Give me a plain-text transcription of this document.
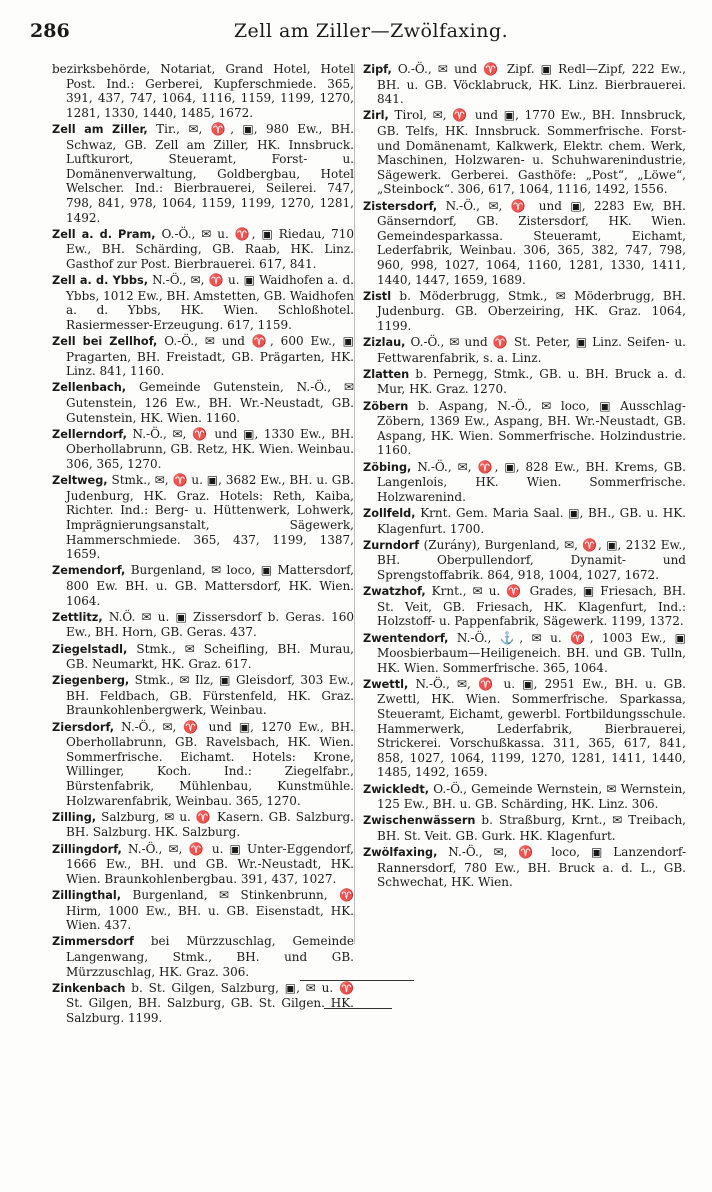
286	Zell am Ziller—Zwölfaxing.

bezirksbehörde, Notariat, Grand Hotel, Hotel Post. Ind.: Gerberei, Kupferschmiede. 365, 391, 437, 747, 1064, 1116, 1159, 1199, 1270, 1281, 1330, 1440, 1485, 1672.

Zell am Ziller, Tir., ✉, ♈, ▣, 980 Ew., BH. Schwaz, GB. Zell am Ziller, HK. Innsbruck. Luftkurort, Steueramt, Forst- u. Domänenverwaltung, Goldbergbau, Hotel Welscher. Ind.: Bierbrauerei, Seilerei. 747, 798, 841, 978, 1064, 1159, 1199, 1270, 1281, 1492.

Zell a. d. Pram, O.-Ö., ✉ u. ♈, ▣ Riedau, 710 Ew., BH. Schärding, GB. Raab, HK. Linz. Gasthof zur Post. Bierbrauerei. 617, 841.

Zell a. d. Ybbs, N.-Ö., ✉, ♈ u. ▣ Waidhofen a. d. Ybbs, 1012 Ew., BH. Amstetten, GB. Waidhofen a. d. Ybbs, HK. Wien. Schloßhotel. Rasiermesser-Erzeugung. 617, 1159.

Zell bei Zellhof, O.-Ö., ✉ und ♈, 600 Ew., ▣ Pragarten, BH. Freistadt, GB. Prägarten, HK. Linz. 841, 1160.

Zellenbach, Gemeinde Gutenstein, N.-Ö., ✉ Gutenstein, 126 Ew., BH. Wr.-Neustadt, GB. Gutenstein, HK. Wien. 1160.

Zellerndorf, N.-Ö., ✉, ♈ und ▣, 1330 Ew., BH. Oberhollabrunn, GB. Retz, HK. Wien. Weinbau. 306, 365, 1270.

Zeltweg, Stmk., ✉, ♈ u. ▣, 3682 Ew., BH. u. GB. Judenburg, HK. Graz. Hotels: Reth, Kaiba, Richter. Ind.: Berg- u. Hüttenwerk, Lohwerk, Imprägnierungsanstalt, Sägewerk, Hammerschmiede. 365, 437, 1199, 1387, 1659.

Zemendorf, Burgenland, ✉ loco, ▣ Mattersdorf, 800 Ew. BH. u. GB. Mattersdorf, HK. Wien. 1064.

Zettlitz, N.Ö. ✉ u. ▣ Zissersdorf b. Geras. 160 Ew., BH. Horn, GB. Geras. 437.

Ziegelstadl, Stmk., ✉ Scheifling, BH. Murau, GB. Neumarkt, HK. Graz. 617.

Ziegenberg, Stmk., ✉ Ilz, ▣ Gleisdorf, 303 Ew., BH. Feldbach, GB. Fürstenfeld, HK. Graz. Braunkohlenbergwerk, Weinbau.

Ziersdorf, N.-Ö., ✉, ♈ und ▣, 1270 Ew., BH. Oberhollabrunn, GB. Ravelsbach, HK. Wien. Sommerfrische. Eichamt. Hotels: Krone, Willinger, Koch. Ind.: Ziegelfabr., Bürstenfabrik, Mühlenbau, Kunstmühle. Holzwarenfabrik, Weinbau. 365, 1270.

Zilling, Salzburg, ✉ u. ♈ Kasern. GB. Salzburg. BH. Salzburg. HK. Salzburg.

Zillingdorf, N.-Ö., ✉, ♈ u. ▣ Unter-Eggendorf, 1666 Ew., BH. und GB. Wr.-Neustadt, HK. Wien. Braunkohlenbergbau. 391, 437, 1027.

Zillingthal, Burgenland, ✉ Stinkenbrunn, ♈ Hirm, 1000 Ew., BH. u. GB. Eisenstadt, HK. Wien. 437.

Zimmersdorf bei Mürzzuschlag, Gemeinde Langenwang, Stmk., BH. und GB. Mürzzuschlag, HK. Graz. 306.

Zinkenbach b. St. Gilgen, Salzburg, ▣, ✉ u. ♈ St. Gilgen, BH. Salzburg, GB. St. Gilgen. HK. Salzburg. 1199.

Zipf, O.-Ö., ✉ und ♈ Zipf. ▣ Redl—Zipf, 222 Ew., BH. u. GB. Vöcklabruck, HK. Linz. Bierbrauerei. 841.

Zirl, Tirol, ✉, ♈ und ▣, 1770 Ew., BH. Innsbruck, GB. Telfs, HK. Innsbruck. Sommerfrische. Forst- und Domänenamt, Kalkwerk, Elektr. chem. Werk, Maschinen, Holzwaren- u. Schuhwarenindustrie, Sägewerk. Gerberei. Gasthöfe: „Post“, „Löwe“, „Steinbock“. 306, 617, 1064, 1116, 1492, 1556.

Zistersdorf, N.-Ö., ✉, ♈ und ▣, 2283 Ew, BH. Gänserndorf, GB. Zistersdorf, HK. Wien. Gemeindesparkassa. Steueramt, Eichamt, Lederfabrik, Weinbau. 306, 365, 382, 747, 798, 960, 998, 1027, 1064, 1160, 1281, 1330, 1411, 1440, 1447, 1659, 1689.

Zistl b. Möderbrugg, Stmk., ✉ Möderbrugg, BH. Judenburg. GB. Oberzeiring, HK. Graz. 1064, 1199.

Zizlau, O.-Ö., ✉ und ♈ St. Peter, ▣ Linz. Seifen- u. Fettwarenfabrik, s. a. Linz.

Zlatten b. Pernegg, Stmk., GB. u. BH. Bruck a. d. Mur, HK. Graz. 1270.

Zöbern b. Aspang, N.-Ö., ✉ loco, ▣ Ausschlag-Zöbern, 1369 Ew., Aspang, BH. Wr.-Neustadt, GB. Aspang, HK. Wien. Sommerfrische. Holzindustrie. 1160.

Zöbing, N.-Ö., ✉, ♈, ▣, 828 Ew., BH. Krems, GB. Langenlois, HK. Wien. Sommerfrische. Holzwarenind.

Zollfeld, Krnt. Gem. Maria Saal. ▣, BH., GB. u. HK. Klagenfurt. 1700.

Zurndorf (Zurány), Burgenland, ✉, ♈, ▣, 2132 Ew., BH. Oberpullendorf, Dynamit- und Sprengstoffabrik. 864, 918, 1004, 1027, 1672.

Zwatzhof, Krnt., ✉ u. ♈ Grades, ▣ Friesach, BH. St. Veit, GB. Friesach, HK. Klagenfurt, Ind.: Holzstoff- u. Pappenfabrik, Sägewerk. 1199, 1372.

Zwentendorf, N.-Ö., ⚓, ✉ u. ♈, 1003 Ew., ▣ Moosbierbaum—Heiligeneich. BH. und GB. Tulln, HK. Wien. Sommerfrische. 365, 1064.

Zwettl, N.-Ö., ✉, ♈ u. ▣, 2951 Ew., BH. u. GB. Zwettl, HK. Wien. Sommerfrische. Sparkassa, Steueramt, Eichamt, gewerbl. Fortbildungsschule. Hammerwerk, Lederfabrik, Bierbrauerei, Strickerei. Vorschußkassa. 311, 365, 617, 841, 858, 1027, 1064, 1199, 1270, 1281, 1411, 1440, 1485, 1492, 1659.

Zwickledt, O.-Ö., Gemeinde Wernstein, ✉ Wernstein, 125 Ew., BH. u. GB. Schärding, HK. Linz. 306.

Zwischenwässern b. Straßburg, Krnt., ✉ Treibach, BH. St. Veit. GB. Gurk. HK. Klagenfurt.

Zwölfaxing, N.-Ö., ✉, ♈ loco, ▣ Lanzendorf-Rannersdorf, 780 Ew., BH. Bruck a. d. L., GB. Schwechat, HK. Wien.
